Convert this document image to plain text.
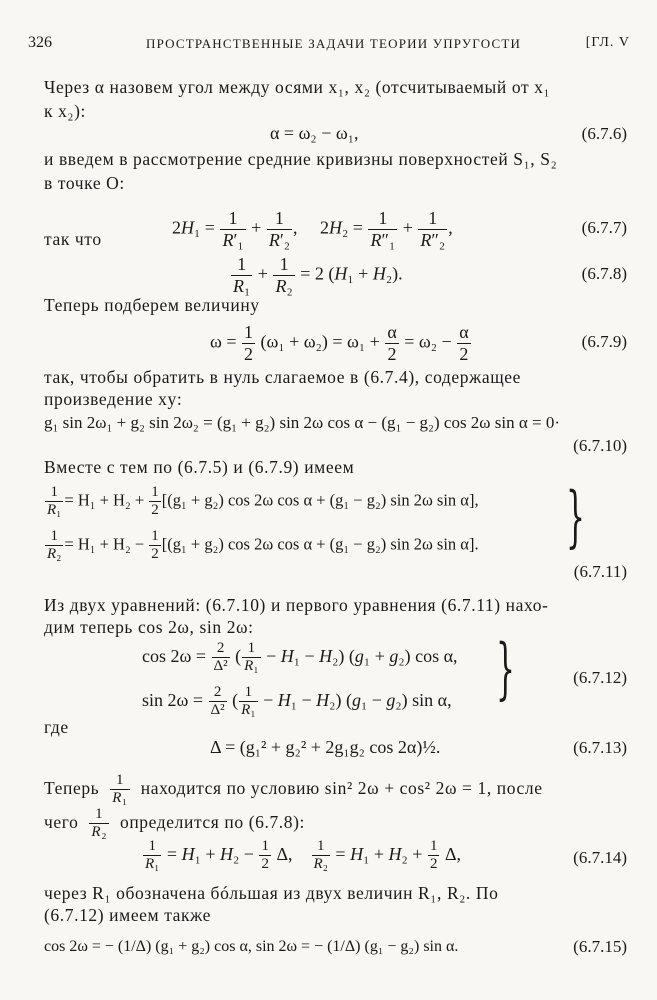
326	ПРОСТРАНСТВЕННЫЕ ЗАДАЧИ ТЕОРИИ УПРУГОСТИ	[ГЛ. V
Через α назовем угол между осями x₁, x₂ (отсчитываемый от x₁
к x₂):
α = ω₂ − ω₁,	(6.7.6)
и введем в рассмотрение средние кривизны поверхностей S₁, S₂
в точке O:
$2H_1 = \frac{1}{\text{R′₁}} + \frac{1}{\text{R′₂}}$ ,     $2H_2 = \frac{1}{\text{R″₁}} + \frac{1}{\text{R″₂}}$ ,	(6.7.7)
так что
$\frac{1}{\text{R₁}} + \frac{1}{\text{R₂}} = 2$ (H₁ + H₂).	(6.7.8)
Теперь подберем величину
$\omega = \frac{1}{2} (\omega_1 + \omega_2) = \omega_1 + \frac{\alpha}{2} = \omega_2 - \frac{\alpha}{2}$	(6.7.9)
так, чтобы обратить в нуль слагаемое в (6.7.4), содержащее
произведение xy:
g₁ sin 2ω₁ + g₂ sin 2ω₂ = (g₁ + g₂) sin 2ω cos α − (g₁ − g₂) cos 2ω sin α = 0·
(6.7.10)
Вместе с тем по (6.7.5) и (6.7.9) имеем
$\frac{1}{\text{R₁}} = H_1 + H_2 + \frac{1}{2} [(g_1 + g_2)$ cos 2ω cos α + (g₁ − g₂) sin 2ω sin α],
$\frac{1}{\text{R₂}} = H_1 + H_2 - \frac{1}{2} [(g_1 + g_2)$ cos 2ω cos α + (g₁ − g₂) sin 2ω sin α]. }
(6.7.11)
Из двух уравнений: (6.7.10) и первого уравнения (6.7.11) нахо-
дим теперь cos 2ω, sin 2ω:
$\cos 2\omega = \frac{2}{\text{Δ²}}$ ( $\frac{1}{\text{R₁}} - H_1 - H_2$) (g₁ + g₂) cos α,
$\sin 2\omega = \frac{2}{\text{Δ²}}$ ( $\frac{1}{\text{R₁}} - H_1 - H_2$) (g₁ − g₂) sin α, }	(6.7.12)
где
Δ = (g₁² + g₂² + 2g₁g₂ cos 2α)½.	(6.7.13)
Теперь $\frac{1}{\text{R₁}}$ находится по условию sin² 2ω + cos² 2ω = 1, после
чего $\frac{1}{\text{R₂}}$ определится по (6.7.8):
$\frac{1}{\text{R₁}} = H_1 + H_2 - \frac{1}{2} \Delta$, $\frac{1}{\text{R₂}} = H_1 + H_2 + \frac{1}{2} \Delta$,	(6.7.14)
через R₁ обозначена бóльшая из двух величин R₁, R₂. По
(6.7.12) имеем также
cos 2ω = − (1/Δ) (g₁ + g₂) cos α, sin 2ω = − (1/Δ) (g₁ − g₂) sin α.	(6.7.15)
